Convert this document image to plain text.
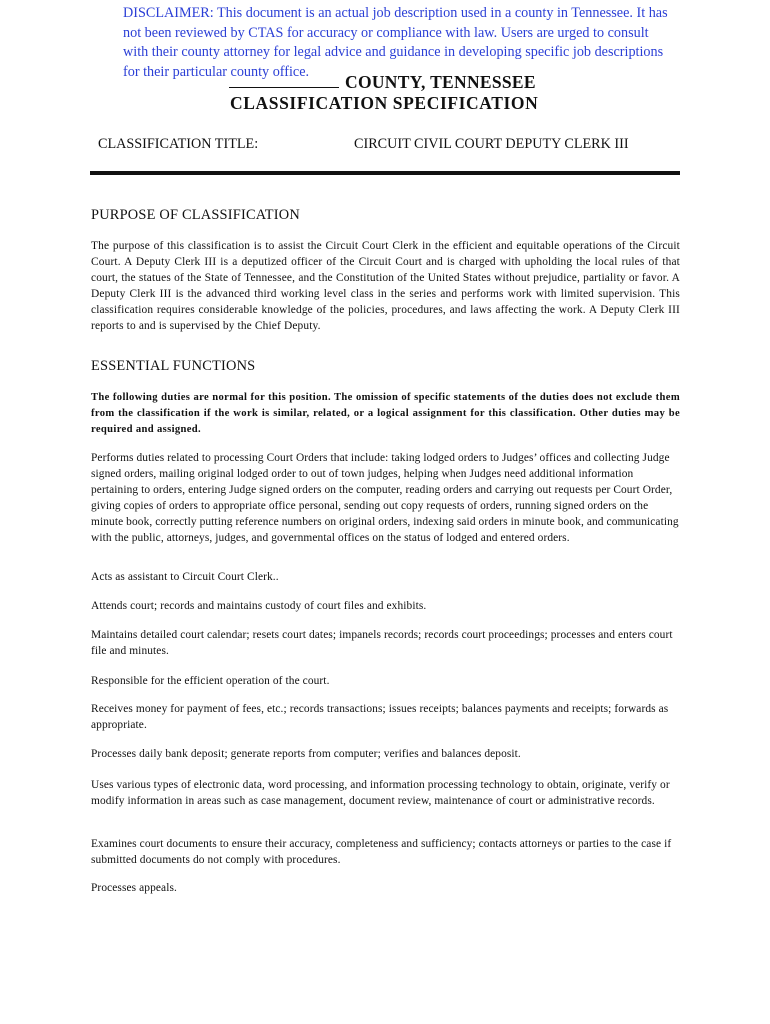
DISCLAIMER: This document is an actual job description used in a county in Tennessee. It has not been reviewed by CTAS for accuracy or compliance with law. Users are urged to consult with their county attorney for legal advice and guidance in developing specific job descriptions for their particular county office.
COUNTY, TENNESSEE
CLASSIFICATION SPECIFICATION
CLASSIFICATION TITLE:	CIRCUIT CIVIL COURT DEPUTY CLERK III
PURPOSE OF CLASSIFICATION
The purpose of this classification is to assist the Circuit Court Clerk in the efficient and equitable operations of the Circuit Court. A Deputy Clerk III is a deputized officer of the Circuit Court and is charged with upholding the local rules of that court, the statues of the State of Tennessee, and the Constitution of the United States without prejudice, partiality or favor. A Deputy Clerk III is the advanced third working level class in the series and performs work with limited supervision. This classification requires considerable knowledge of the policies, procedures, and laws affecting the work. A Deputy Clerk III reports to and is supervised by the Chief Deputy.
ESSENTIAL FUNCTIONS
The following duties are normal for this position. The omission of specific statements of the duties does not exclude them from the classification if the work is similar, related, or a logical assignment for this classification. Other duties may be required and assigned.
Performs duties related to processing Court Orders that include: taking lodged orders to Judges’ offices and collecting Judge signed orders, mailing original lodged order to out of town judges, helping when Judges need additional information pertaining to orders, entering Judge signed orders on the computer, reading orders and carrying out requests per Court Order, giving copies of orders to appropriate office personal, sending out copy requests of orders, running signed orders on the minute book, correctly putting reference numbers on original orders, indexing said orders in minute book, and communicating with the public, attorneys, judges, and governmental offices on the status of lodged and entered orders.
Acts as assistant to Circuit Court Clerk..
Attends court; records and maintains custody of court files and exhibits.
Maintains detailed court calendar; resets court dates; impanels records; records court proceedings; processes and enters court file and minutes.
Responsible for the efficient operation of the court.
Receives money for payment of fees, etc.; records transactions; issues receipts; balances payments and receipts; forwards as appropriate.
Processes daily bank deposit; generate reports from computer; verifies and balances deposit.
Uses various types of electronic data, word processing, and information processing technology to obtain, originate, verify or modify information in areas such as case management, document review, maintenance of court or administrative records.
Examines court documents to ensure their accuracy, completeness and sufficiency; contacts attorneys or parties to the case if submitted documents do not comply with procedures.
Processes appeals.
